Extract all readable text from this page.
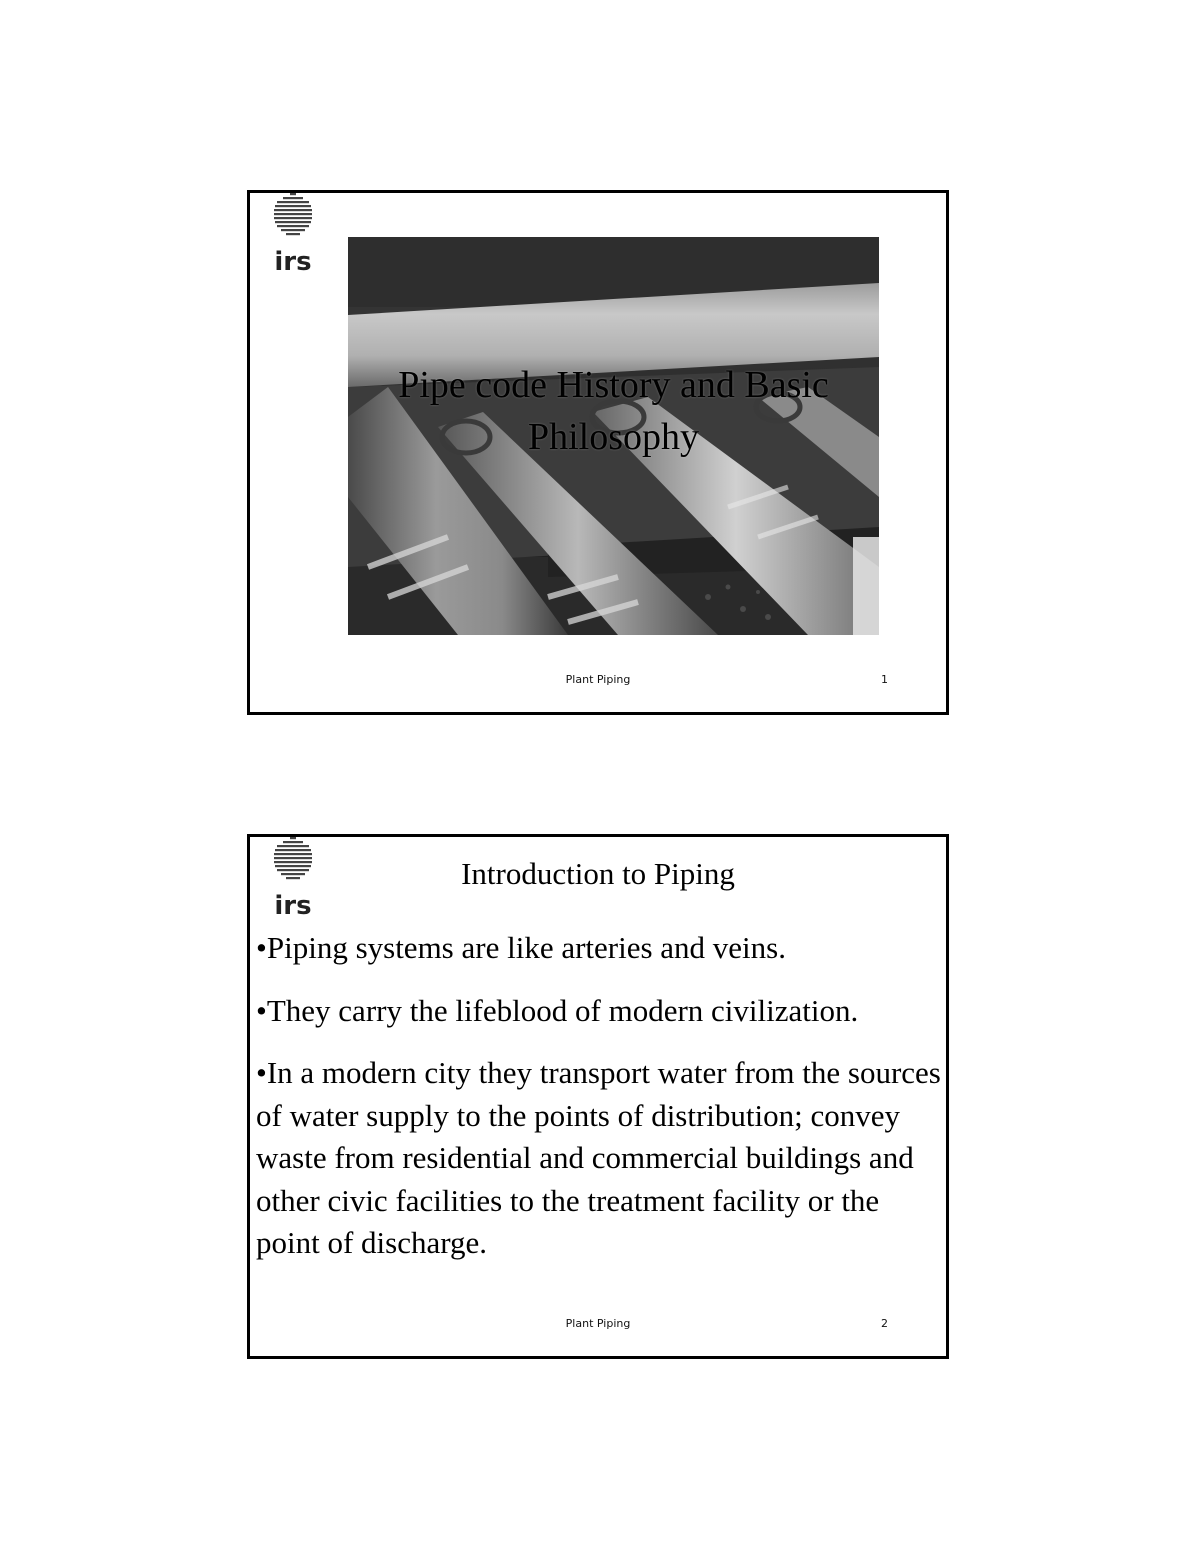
irs
Pipe code History and Basic
Philosophy
Plant Piping	1
irs
Introduction to Piping

•Piping systems are like arteries and veins.

•They carry the lifeblood of modern civilization.

•In a modern city they transport water from the sources of water supply to the points of distribution; convey waste from residential and commercial buildings and other civic facilities to the treatment facility or the point of discharge.

Plant Piping	2
